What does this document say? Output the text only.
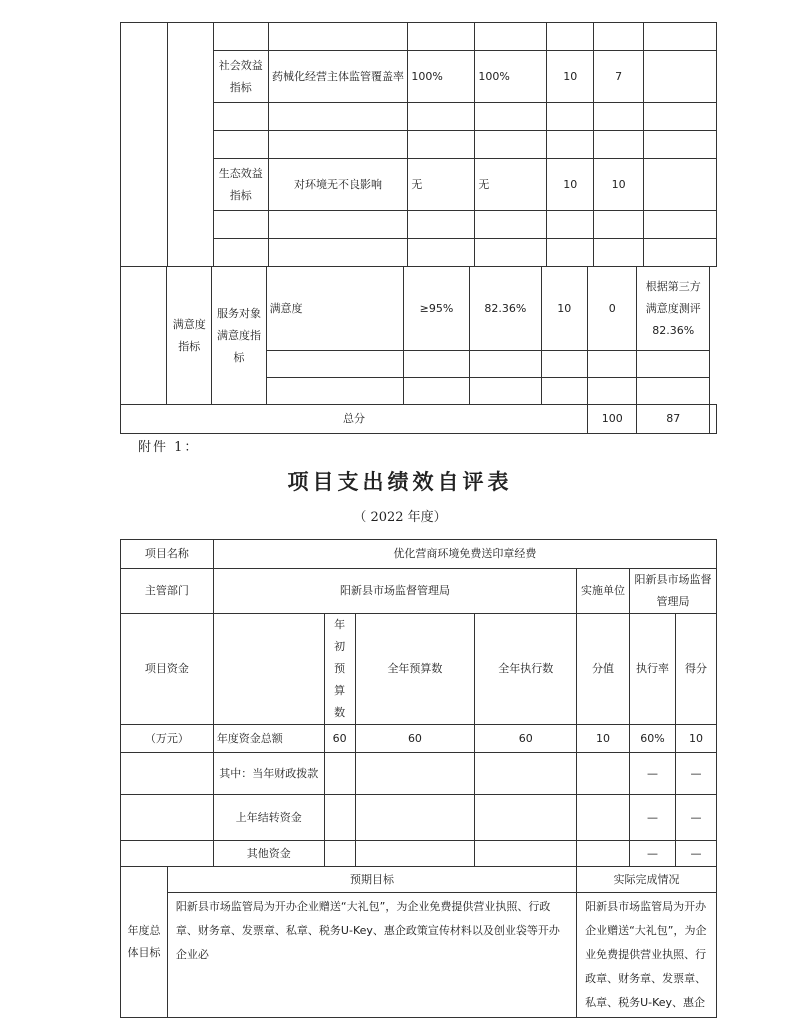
		社会效益指标	药械化经营主体监管覆盖率	100%	100%	10	7	

		生态效益指标	对环境无不良影响	无	无	10	10	

	满意度指标	服务对象满意度指标	满意度	≥95%	82.36%	10	0	根据第三方满意度测评82.36%	

总分							100	87	
附件 1：
项目支出绩效自评表
（ 2022 年度）
项目名称		优化营商环境免费送印章经费						
主管部门		阳新县市场监督管理局				实施单位	阳新县市场监督管理局	
项目资金			年初预算数	全年预算数	全年执行数	分值	执行率	得分
（万元）		年度资金总额	60	60	60	10	60%	10
		其中：当年财政拨款					—	—
		上年结转资金					—	—
		其他资金					—	—
年度总体目标	预期目标					实际完成情况		
	阳新县市场监管局为开办企业赠送“大礼包”，为企业免费提供营业执照、行政章、财务章、发票章、私章、税务U-Key、惠企政策宣传材料以及创业袋等开办企业必					阳新县市场监管局为开办企业赠送“大礼包”，为企业免费提供营业执照、行政章、财务章、发票章、私章、税务U-Key、惠企		
